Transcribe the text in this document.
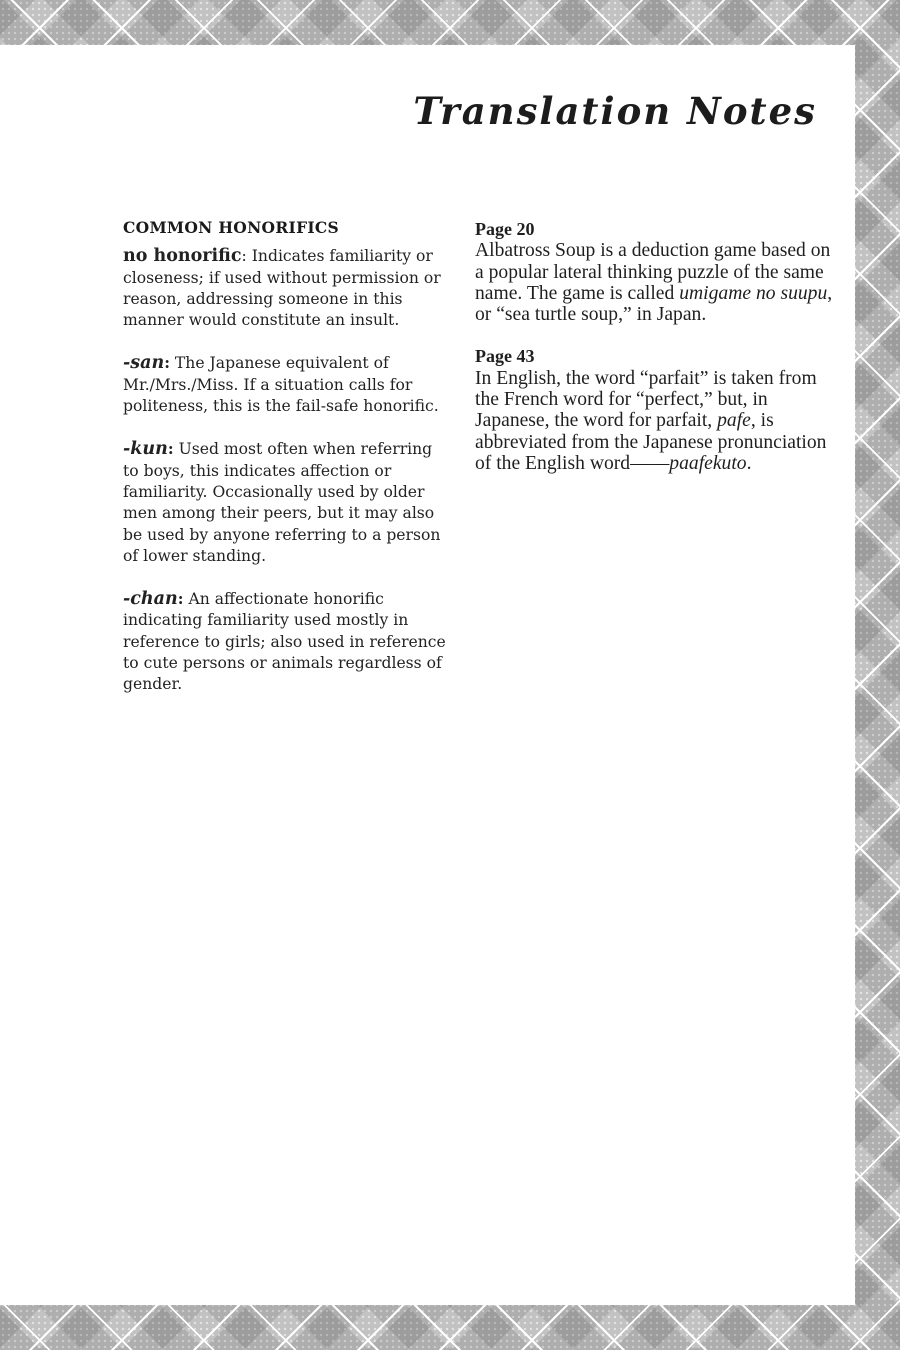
Translation Notes
COMMON HONORIFICS

no honorific: Indicates familiarity or closeness; if used without permission or reason, addressing someone in this manner would constitute an insult.

-san: The Japanese equivalent of Mr./Mrs./Miss. If a situation calls for politeness, this is the fail-safe honorific.

-kun: Used most often when referring to boys, this indicates affection or familiarity. Occasionally used by older men among their peers, but it may also be used by anyone referring to a person of lower standing.

-chan: An affectionate honorific indicating familiarity used mostly in reference to girls; also used in reference to cute persons or animals regardless of gender.

Page 20
Albatross Soup is a deduction game based on a popular lateral thinking puzzle of the same name. The game is called umigame no suupu, or “sea turtle soup,” in Japan.

Page 43
In English, the word “parfait” is taken from the French word for “perfect,” but, in Japanese, the word for parfait, pafe, is abbreviated from the Japanese pronunciation of the English word——paafekuto.
